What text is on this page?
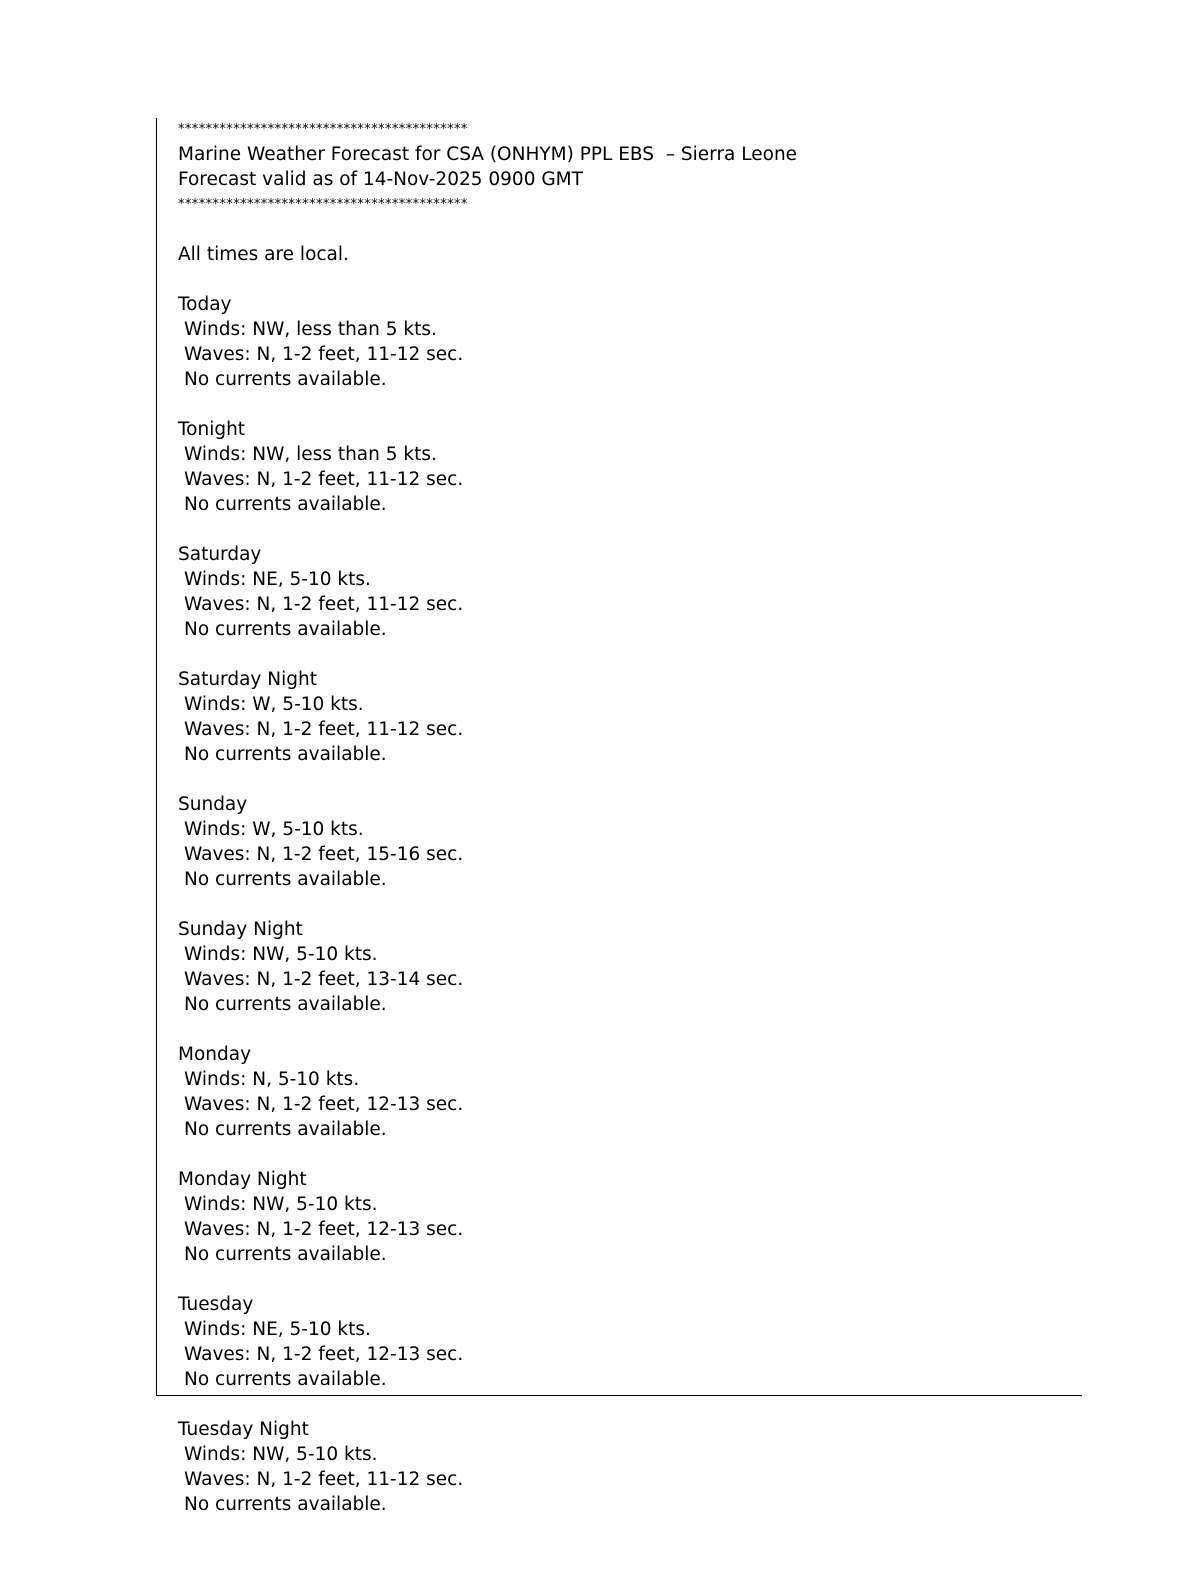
******************************************
Marine Weather Forecast for CSA (ONHYM) PPL EBS  – Sierra Leone
Forecast valid as of 14-Nov-2025 0900 GMT
******************************************
All times are local.
Today
Winds: NW, less than 5 kts.
Waves: N, 1-2 feet, 11-12 sec.
No currents available.
Tonight
Winds: NW, less than 5 kts.
Waves: N, 1-2 feet, 11-12 sec.
No currents available.
Saturday
Winds: NE, 5-10 kts.
Waves: N, 1-2 feet, 11-12 sec.
No currents available.
Saturday Night
Winds: W, 5-10 kts.
Waves: N, 1-2 feet, 11-12 sec.
No currents available.
Sunday
Winds: W, 5-10 kts.
Waves: N, 1-2 feet, 15-16 sec.
No currents available.
Sunday Night
Winds: NW, 5-10 kts.
Waves: N, 1-2 feet, 13-14 sec.
No currents available.
Monday
Winds: N, 5-10 kts.
Waves: N, 1-2 feet, 12-13 sec.
No currents available.
Monday Night
Winds: NW, 5-10 kts.
Waves: N, 1-2 feet, 12-13 sec.
No currents available.
Tuesday
Winds: NE, 5-10 kts.
Waves: N, 1-2 feet, 12-13 sec.
No currents available.
Tuesday Night
Winds: NW, 5-10 kts.
Waves: N, 1-2 feet, 11-12 sec.
No currents available.
